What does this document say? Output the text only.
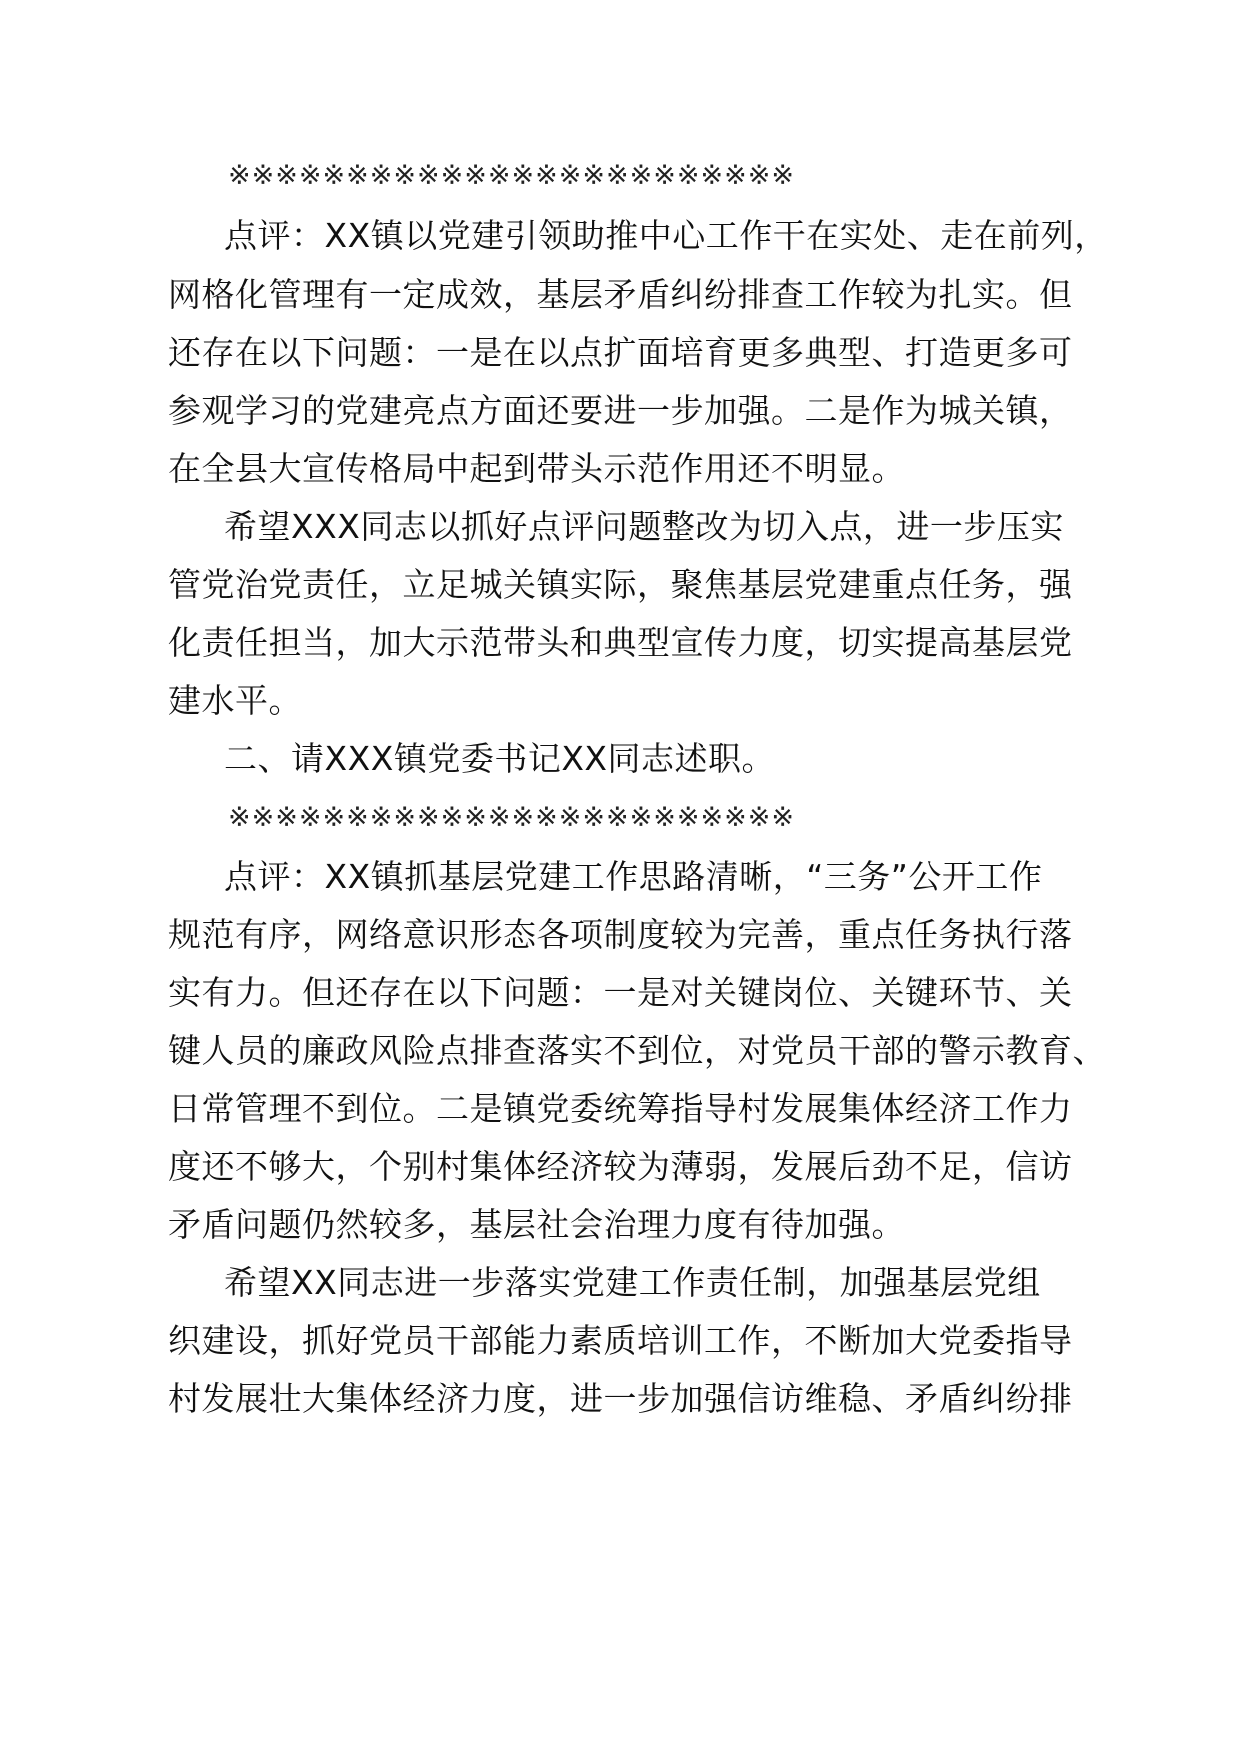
※※※※※※※※※※※※※※※※※※※※※※※※
点评：XX镇以党建引领助推中心工作干在实处、走在前列，
网格化管理有一定成效，基层矛盾纠纷排查工作较为扎实。但
还存在以下问题：一是在以点扩面培育更多典型、打造更多可
参观学习的党建亮点方面还要进一步加强。二是作为城关镇，
在全县大宣传格局中起到带头示范作用还不明显。
希望XXX同志以抓好点评问题整改为切入点，进一步压实
管党治党责任，立足城关镇实际，聚焦基层党建重点任务，强
化责任担当，加大示范带头和典型宣传力度，切实提高基层党
建水平。
二、请XXX镇党委书记XX同志述职。
※※※※※※※※※※※※※※※※※※※※※※※※
点评：XX镇抓基层党建工作思路清晰，“三务”公开工作
规范有序，网络意识形态各项制度较为完善，重点任务执行落
实有力。但还存在以下问题：一是对关键岗位、关键环节、关
键人员的廉政风险点排查落实不到位，对党员干部的警示教育、
日常管理不到位。二是镇党委统筹指导村发展集体经济工作力
度还不够大，个别村集体经济较为薄弱，发展后劲不足，信访
矛盾问题仍然较多，基层社会治理力度有待加强。
希望XX同志进一步落实党建工作责任制，加强基层党组
织建设，抓好党员干部能力素质培训工作，不断加大党委指导
村发展壮大集体经济力度，进一步加强信访维稳、矛盾纠纷排
